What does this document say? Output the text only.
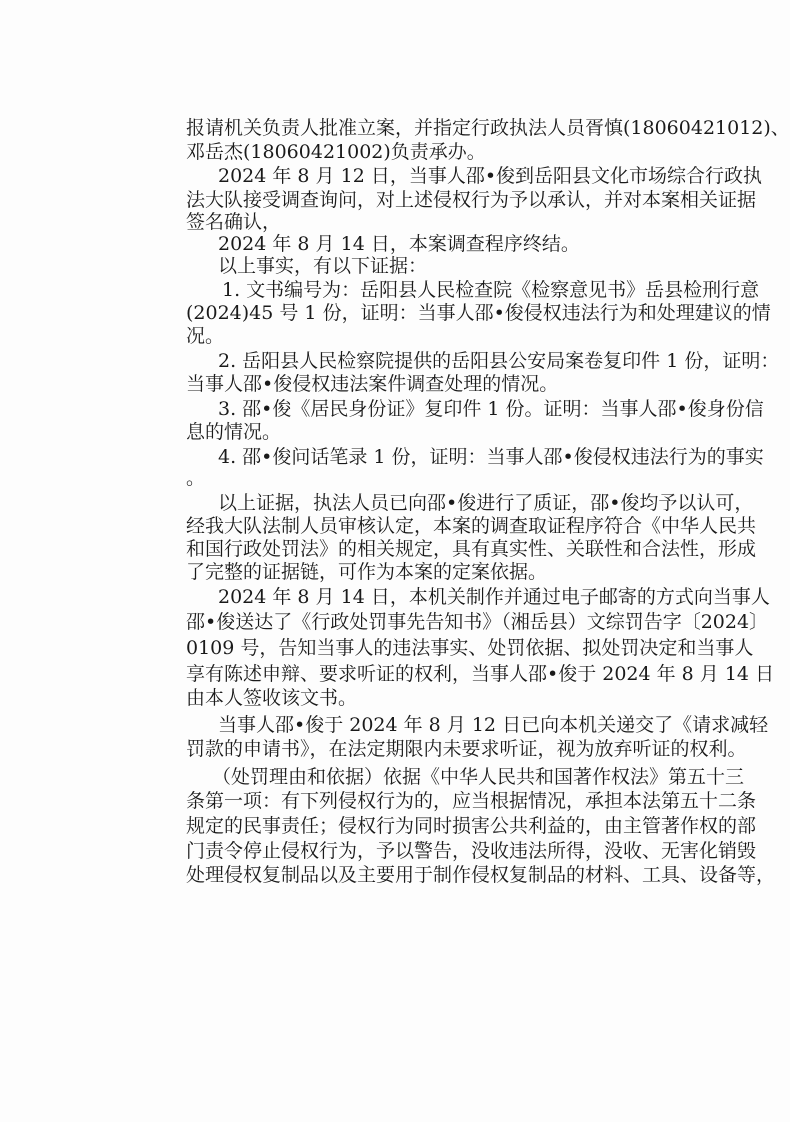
报请机关负责人批准立案，并指定行政执法人员胥慎(18060421012)、
邓岳杰(18060421002)负责承办。
2024 年 8 月 12 日，当事人邵•俊到岳阳县文化市场综合行政执
法大队接受调查询问，对上述侵权行为予以承认，并对本案相关证据
签名确认，
2024 年 8 月 14 日，本案调查程序终结。
以上事实，有以下证据：
1. 文书编号为：岳阳县人民检查院《检察意见书》岳县检刑行意
(2024)45 号 1 份，证明：当事人邵•俊侵权违法行为和处理建议的情
况。
2. 岳阳县人民检察院提供的岳阳县公安局案卷复印件 1 份，证明：
当事人邵•俊侵权违法案件调查处理的情况。
3. 邵•俊《居民身份证》复印件 1 份。证明：当事人邵•俊身份信
息的情况。
4. 邵•俊问话笔录 1 份，证明：当事人邵•俊侵权违法行为的事实
。
以上证据，执法人员已向邵•俊进行了质证，邵•俊均予以认可，
经我大队法制人员审核认定，本案的调查取证程序符合《中华人民共
和国行政处罚法》的相关规定，具有真实性、关联性和合法性，形成
了完整的证据链，可作为本案的定案依据。
2024 年 8 月 14 日，本机关制作并通过电子邮寄的方式向当事人
邵•俊送达了《行政处罚事先告知书》（湘岳县）文综罚告字〔2024〕
0109 号，告知当事人的违法事实、处罚依据、拟处罚决定和当事人
享有陈述申辩、要求听证的权利，当事人邵•俊于 2024 年 8 月 14 日
由本人签收该文书。
当事人邵•俊于 2024 年 8 月 12 日已向本机关递交了《请求减轻
罚款的申请书》，在法定期限内未要求听证，视为放弃听证的权利。
（处罚理由和依据）依据《中华人民共和国著作权法》第五十三
条第一项：有下列侵权行为的，应当根据情况，承担本法第五十二条
规定的民事责任；侵权行为同时损害公共利益的，由主管著作权的部
门责令停止侵权行为，予以警告，没收违法所得，没收、无害化销毁
处理侵权复制品以及主要用于制作侵权复制品的材料、工具、设备等，
